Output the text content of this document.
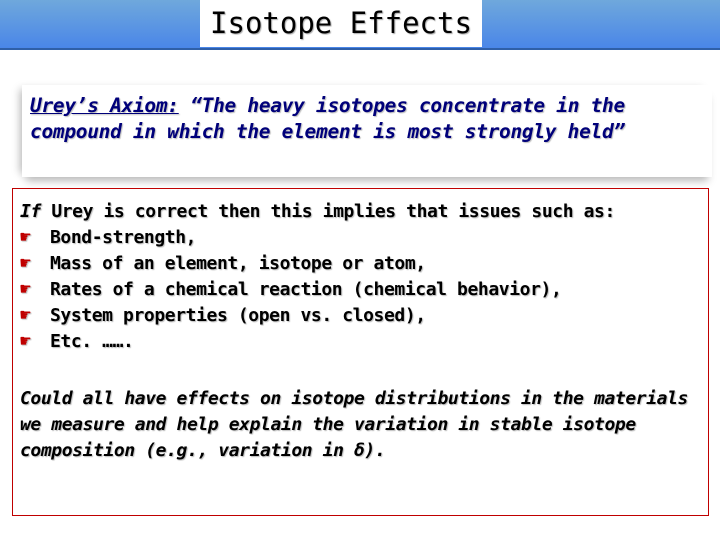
Isotope Effects
Urey’s Axiom: “The heavy isotopes concentrate in the compound in which the element is most strongly held”
If Urey is correct then this implies that issues such as:
☛	Bond-strength,
☛	Mass of an element, isotope or atom,
☛	Rates of a chemical reaction (chemical behavior),
☛	System properties (open vs. closed),
☛	Etc. …….
Could all have effects on isotope distributions in the materials we measure and help explain the variation in stable isotope composition (e.g., variation in δ).
